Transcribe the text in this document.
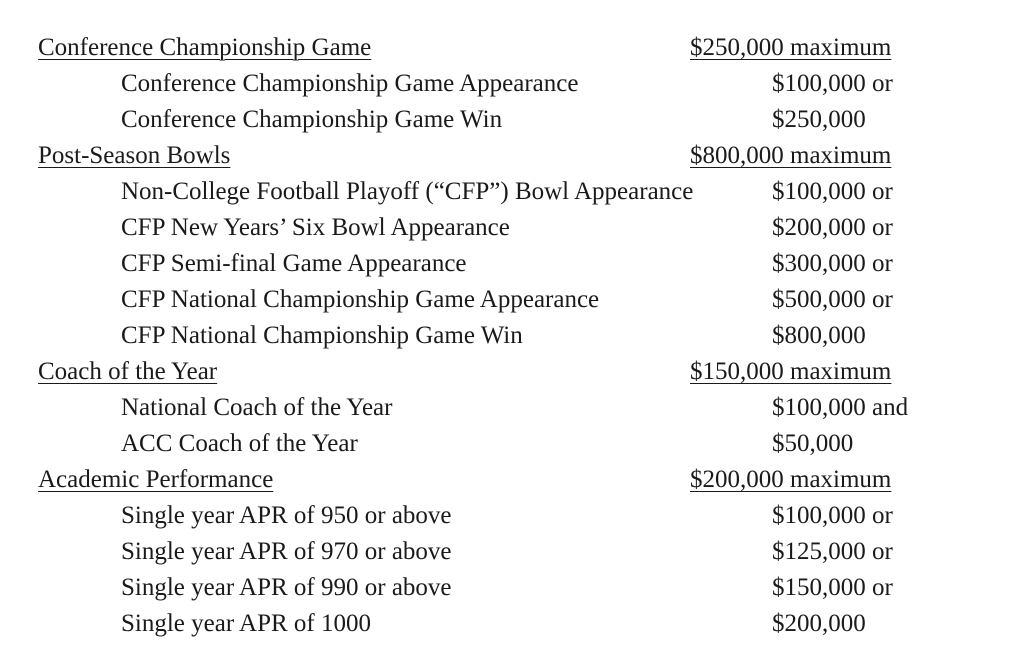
Conference Championship Game	$250,000 maximum
Conference Championship Game Appearance	$100,000 or
Conference Championship Game Win	$250,000
Post-Season Bowls	$800,000 maximum
Non-College Football Playoff (“CFP”) Bowl Appearance	$100,000 or
CFP New Years’ Six Bowl Appearance	$200,000 or
CFP Semi-final Game Appearance	$300,000 or
CFP National Championship Game Appearance	$500,000 or
CFP National Championship Game Win	$800,000
Coach of the Year	$150,000 maximum
National Coach of the Year	$100,000 and
ACC Coach of the Year	$50,000
Academic Performance	$200,000 maximum
Single year APR of 950 or above	$100,000 or
Single year APR of 970 or above	$125,000 or
Single year APR of 990 or above	$150,000 or
Single year APR of 1000	$200,000
